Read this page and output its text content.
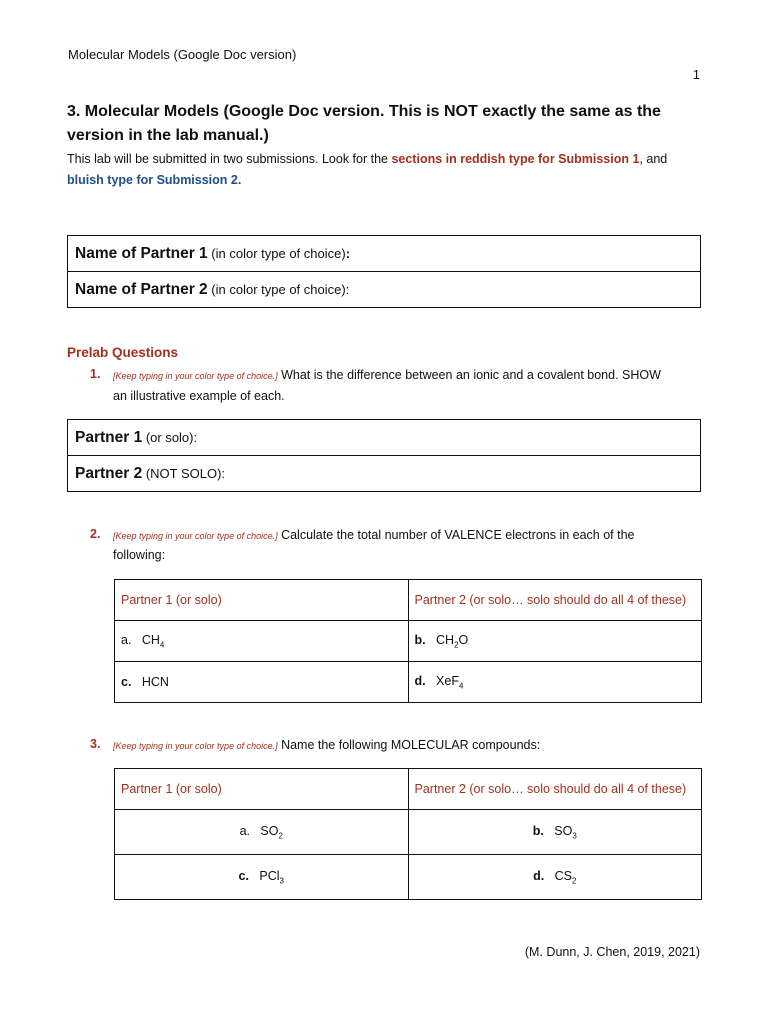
Molecular Models (Google Doc version)
1
3. Molecular Models (Google Doc version. This is NOT exactly the same as the version in the lab manual.)
This lab will be submitted in two submissions. Look for the sections in reddish type for Submission 1, and bluish type for Submission 2.
Name of Partner 1 (in color type of choice):
Name of Partner 2 (in color type of choice):
Prelab Questions
1. [Keep typing in your color type of choice.] What is the difference between an ionic and a covalent bond. SHOW
an illustrative example of each.
Partner 1 (or solo):
Partner 2 (NOT SOLO):
2. [Keep typing in your color type of choice.] Calculate the total number of VALENCE electrons in each of the
following:
Partner 1 (or solo)	Partner 2 (or solo… solo should do all 4 of these)
a. $CH_4$	b. $CH_2O$
c. HCN	d. XeF$_4$
3. [Keep typing in your color type of choice.] Name the following MOLECULAR compounds:
Partner 1 (or solo)	Partner 2 (or solo… solo should do all 4 of these)
a. $SO_2$	b. $SO_3$
c. PCl$_3$	d. $CS_2$
(M. Dunn, J. Chen, 2019, 2021)
